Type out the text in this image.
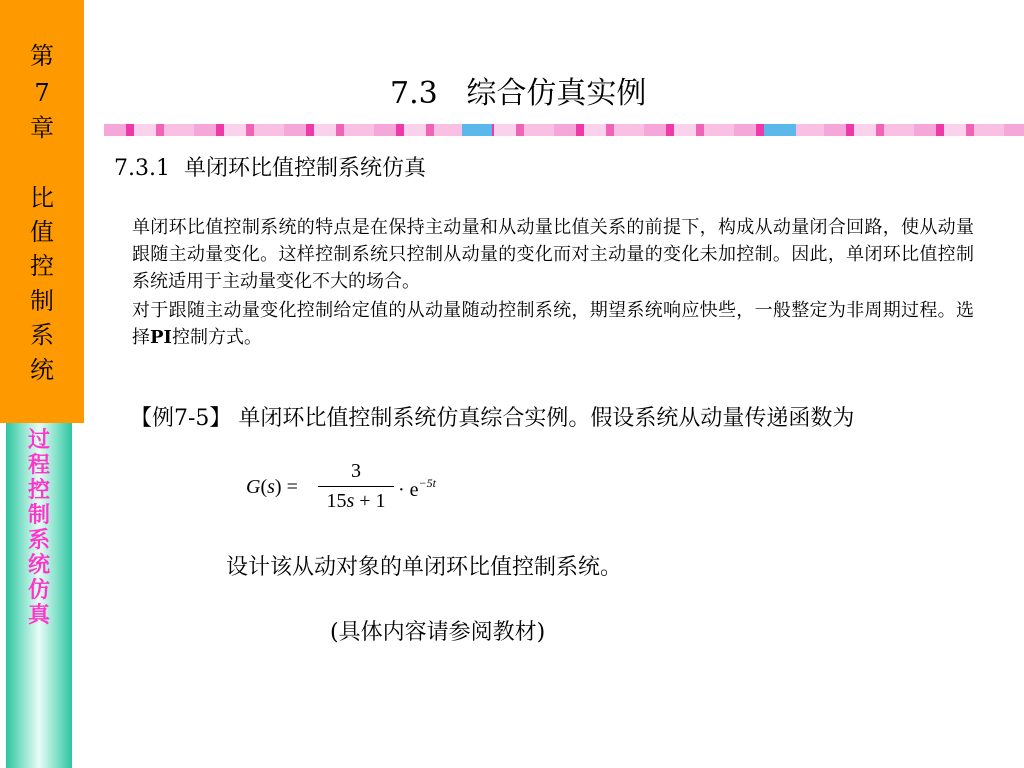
第
7
章
比
值
控
制
系
统
过
程
控
制
系
统
仿
真
7.3   综合仿真实例
7.3.1  单闭环比值控制系统仿真
单闭环比值控制系统的特点是在保持主动量和从动量比值关系的前提下，构成从动量闭合回路，使从动量跟随主动量变化。这样控制系统只控制从动量的变化而对主动量的变化未加控制。因此，单闭环比值控制系统适用于主动量变化不大的场合。
对于跟随主动量变化控制给定值的从动量随动控制系统，期望系统响应快些，一般整定为非周期过程。选择PI控制方式。
【例7-5】 单闭环比值控制系统仿真综合实例。假设系统从动量传递函数为
G(s) =
3
$15s + 1 \cdot e^{-5t}$
设计该从动对象的单闭环比值控制系统。
(具体内容请参阅教材)
